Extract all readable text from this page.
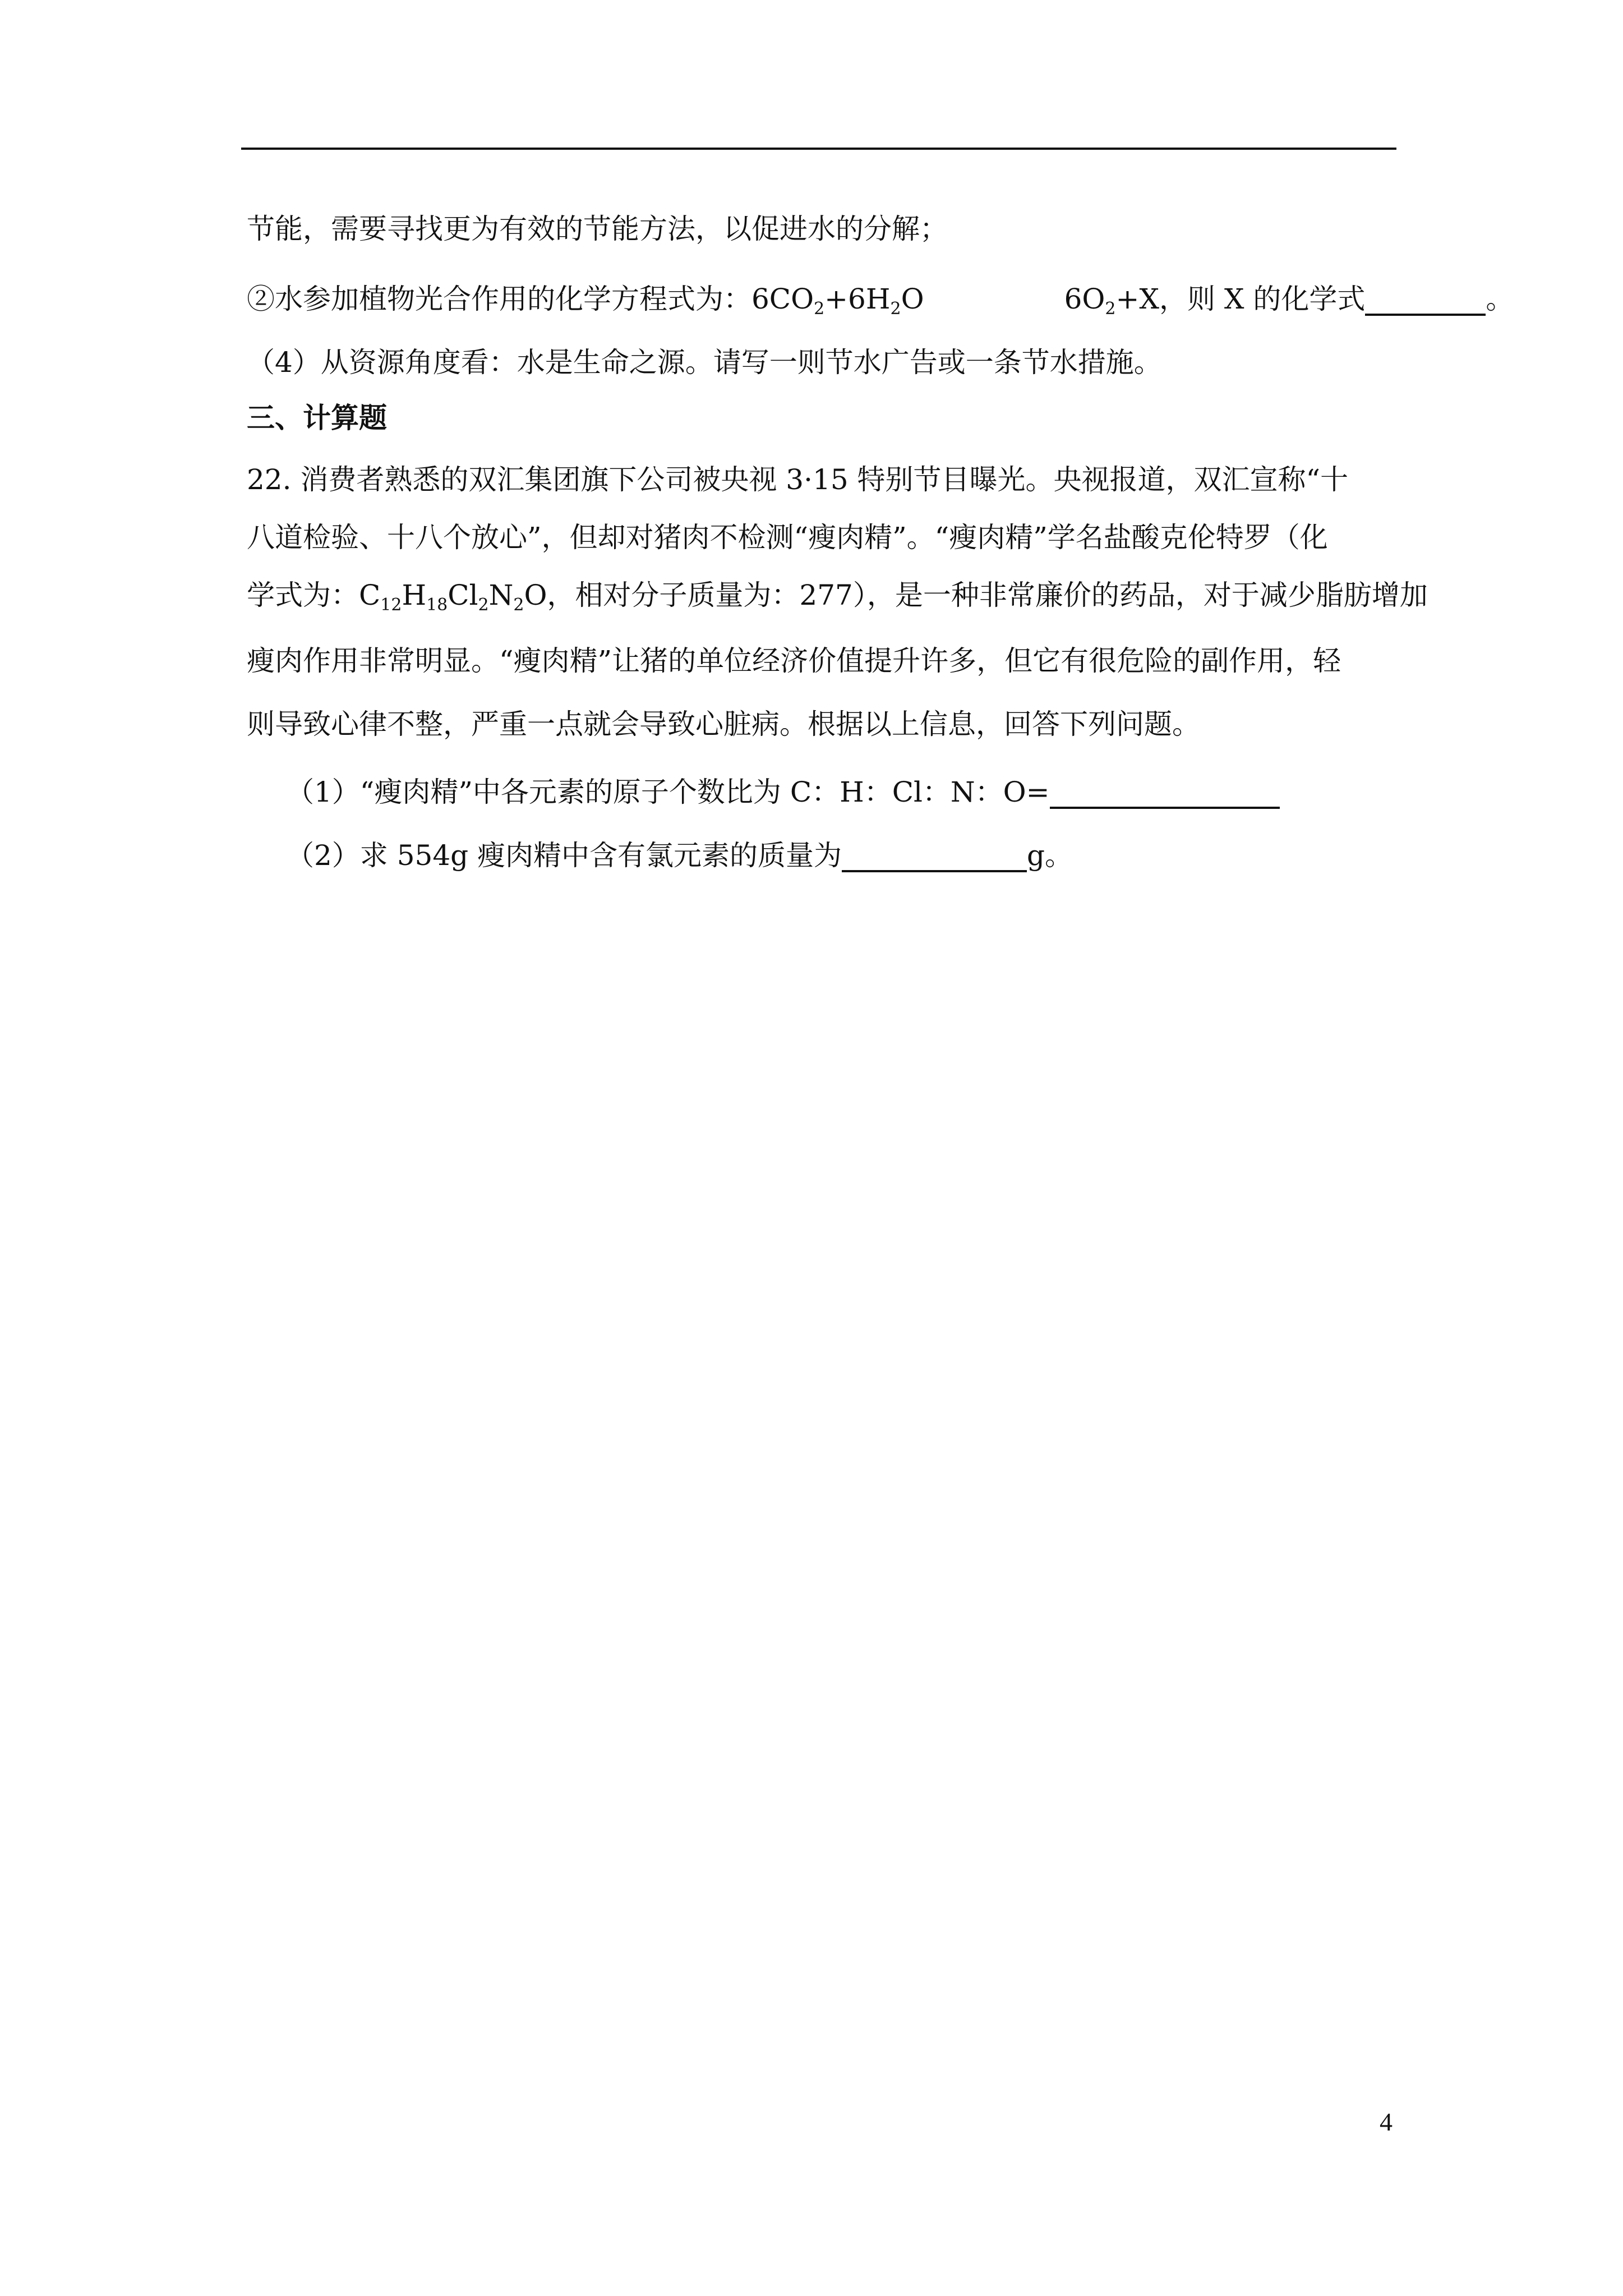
节能，需要寻找更为有效的节能方法，以促进水的分解；
②水参加植物光合作用的化学方程式为：$6CO_2+6H_2O$	$6O_2+X$，则 X 的化学式	。
（4）从资源角度看：水是生命之源。请写一则节水广告或一条节水措施。
三、计算题
22. 消费者熟悉的双汇集团旗下公司被央视 3·15 特别节目曝光。央视报道，双汇宣称“十
八道检验、十八个放心”，但却对猪肉不检测“瘦肉精”。“瘦肉精”学名盐酸克伦特罗（化
学式为：$C_{12}H_{18}Cl_2N_2O$，相对分子质量为：277），是一种非常廉价的药品，对于减少脂肪增加
瘦肉作用非常明显。“瘦肉精”让猪的单位经济价值提升许多，但它有很危险的副作用，轻
则导致心律不整，严重一点就会导致心脏病。根据以上信息，回答下列问题。
（1）“瘦肉精”中各元素的原子个数比为 C：H：Cl：N：O=
（2）求 554g 瘦肉精中含有氯元素的质量为	g。
4
